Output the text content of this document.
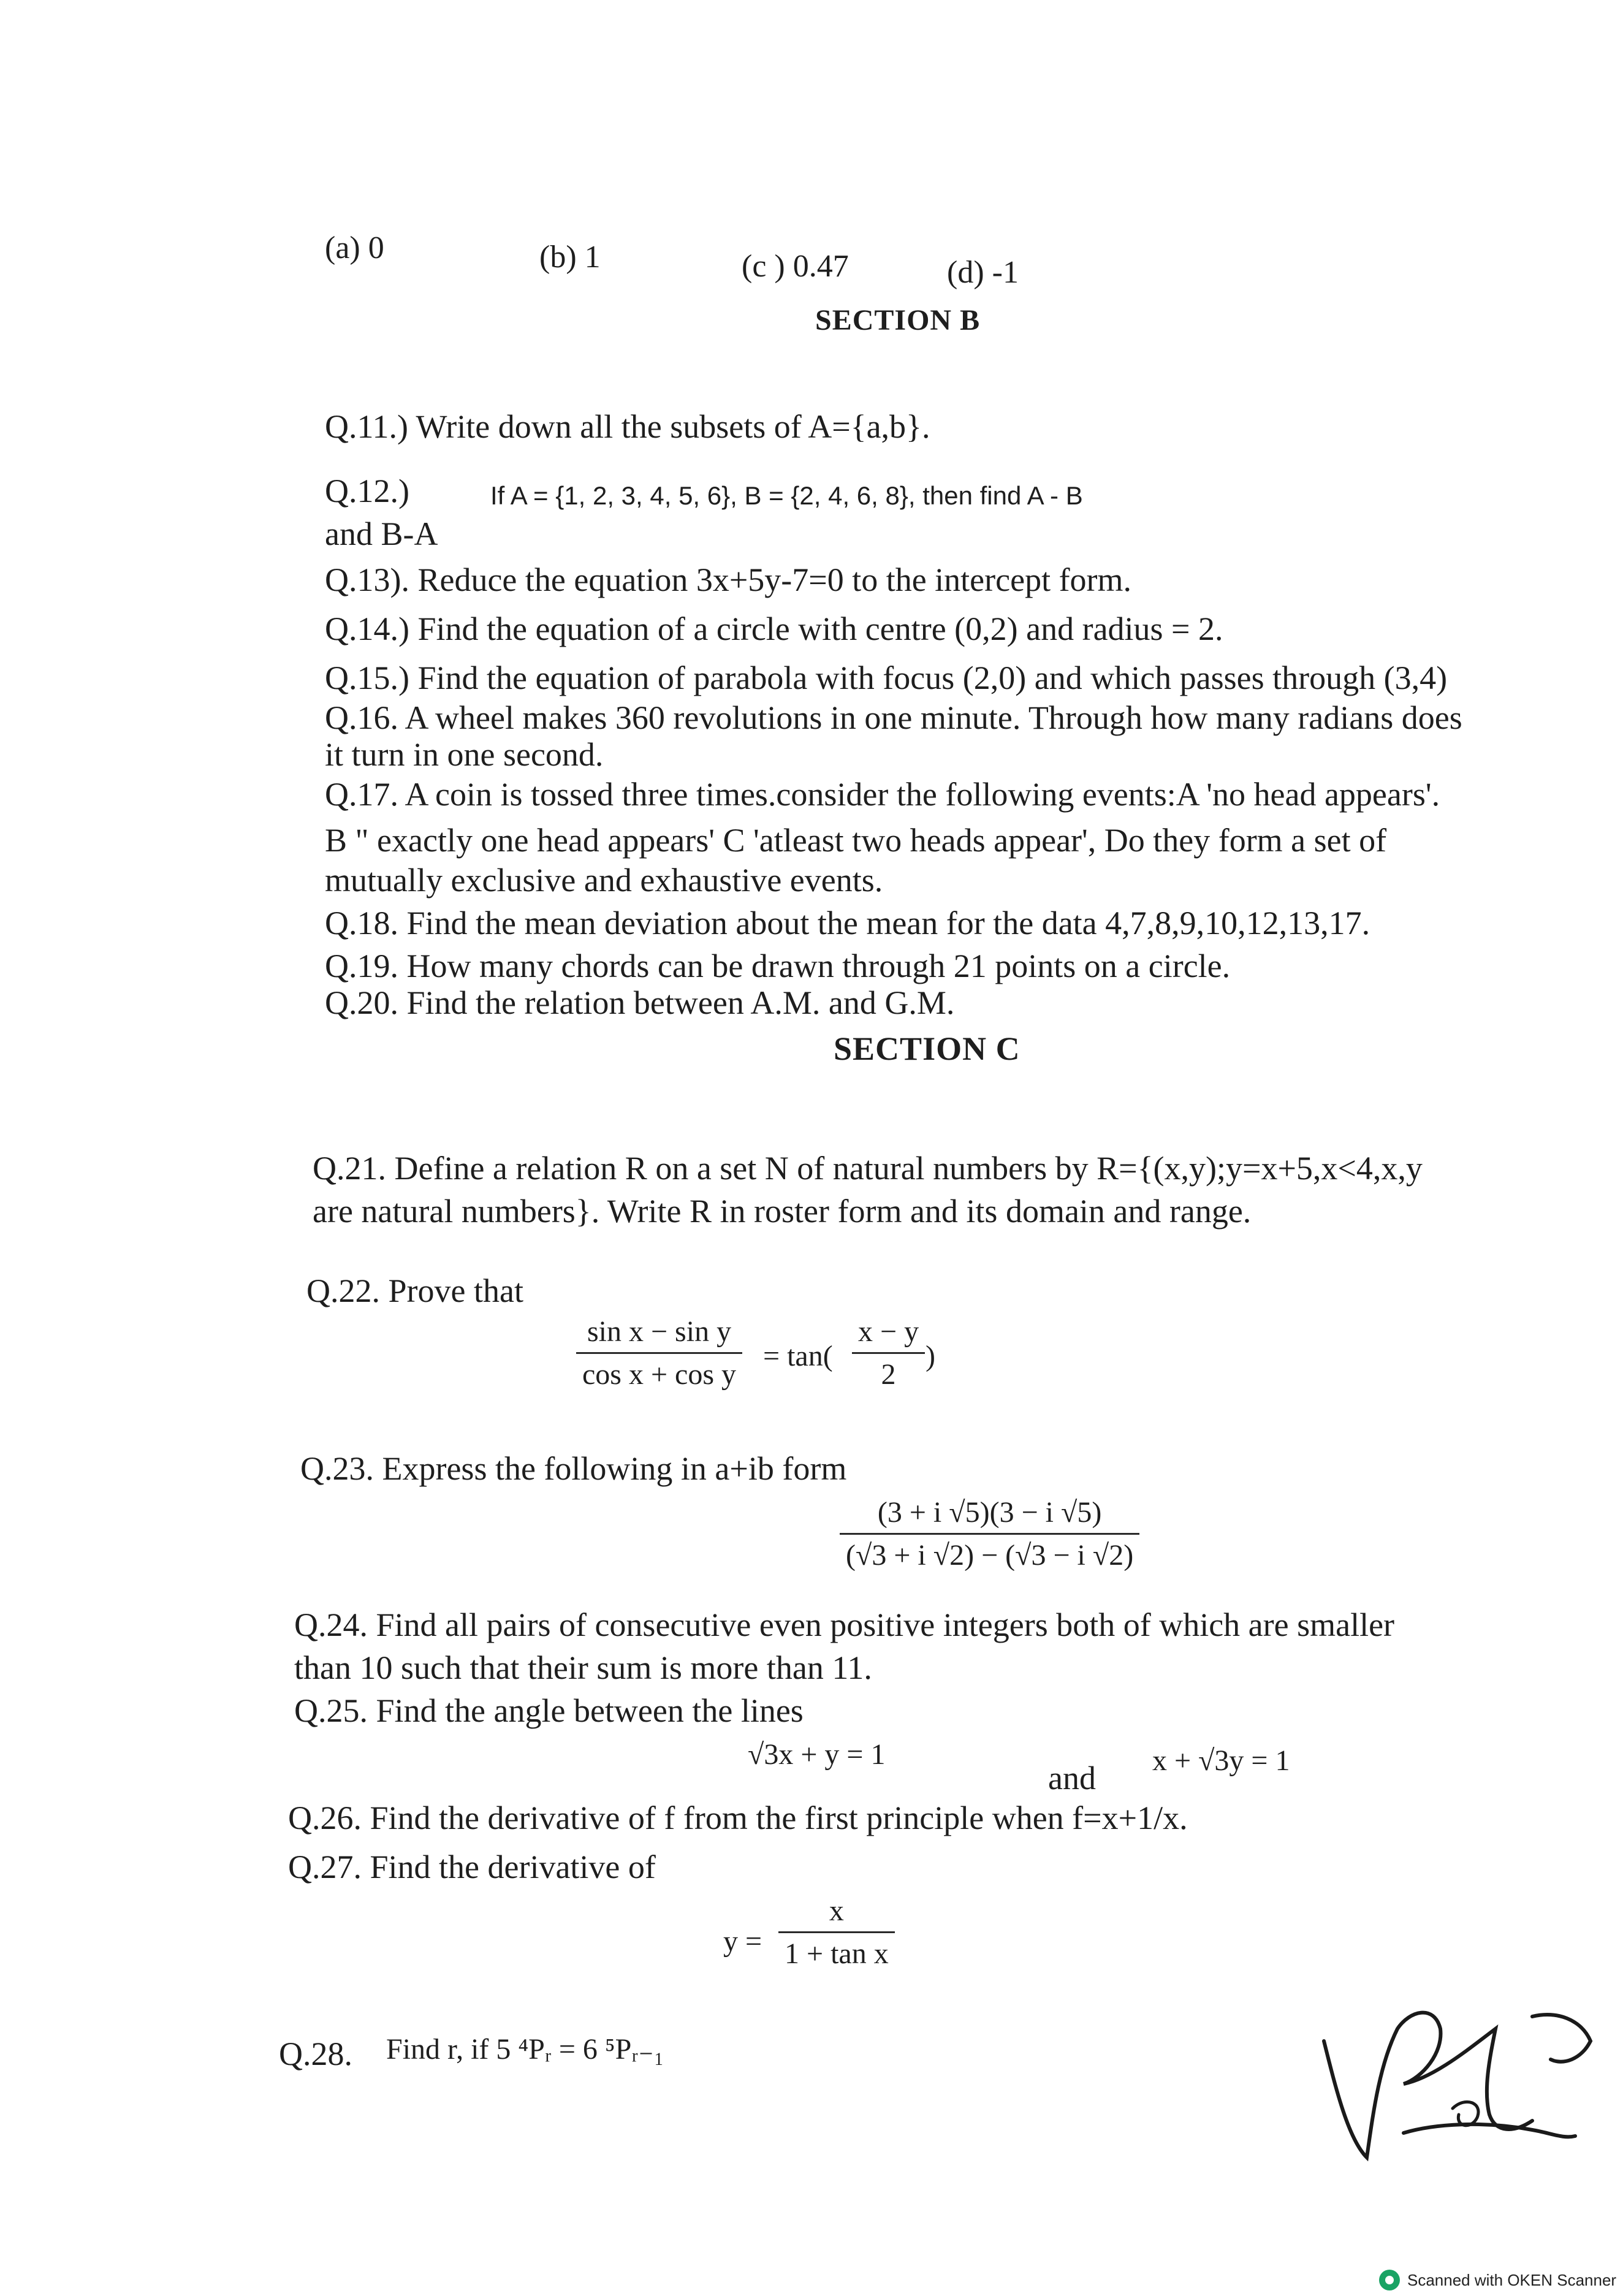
(a) 0	(b) 1	(c ) 0.47	(d) -1
SECTION B
Q.11.) Write down all the subsets of A={a,b}.
Q.12.)	If A = {1, 2, 3, 4, 5, 6}, B = {2, 4, 6, 8}, then find A - B
and B-A
Q.13). Reduce the equation 3x+5y-7=0 to the intercept form.
Q.14.) Find the equation of a circle with centre (0,2) and radius = 2.
Q.15.) Find the equation of parabola with focus (2,0) and which passes through (3,4)
Q.16. A wheel makes 360 revolutions in one minute. Through how many radians does
it turn in one second.
Q.17. A coin is tossed three times.consider the following events:A 'no head appears'.
B " exactly one head appears' C 'atleast two heads appear', Do they form a set of
mutually exclusive and exhaustive events.
Q.18. Find the mean deviation about the mean for the data 4,7,8,9,10,12,13,17.
Q.19. How many chords can be drawn through 21 points on a circle.
Q.20. Find the relation between A.M. and G.M.
SECTION C
Q.21. Define a relation R on a set N of natural numbers by R={(x,y);y=x+5,x<4,x,y
are natural numbers}. Write R in roster form and its domain and range.
Q.22. Prove that
sin x − sin y
cos x + cos y
= tan(
x − y
2
)
Q.23. Express the following in a+ib form
(3 + i √5)(3 − i √5)
(√3 + i √2) − (√3 − i √2)
Q.24. Find all pairs of consecutive even positive integers both of which are smaller
than 10 such that their sum is more than 11.
Q.25. Find the angle between the lines
√3x + y = 1
and x + √3y = 1
Q.26. Find the derivative of f from the first principle when f=x+1/x.
Q.27. Find the derivative of
y =
x
1 + tan x
Q.28. Find r, if 5 ⁴Pᵣ = 6 ⁵Pᵣ₋₁
Scanned with OKEN Scanner
